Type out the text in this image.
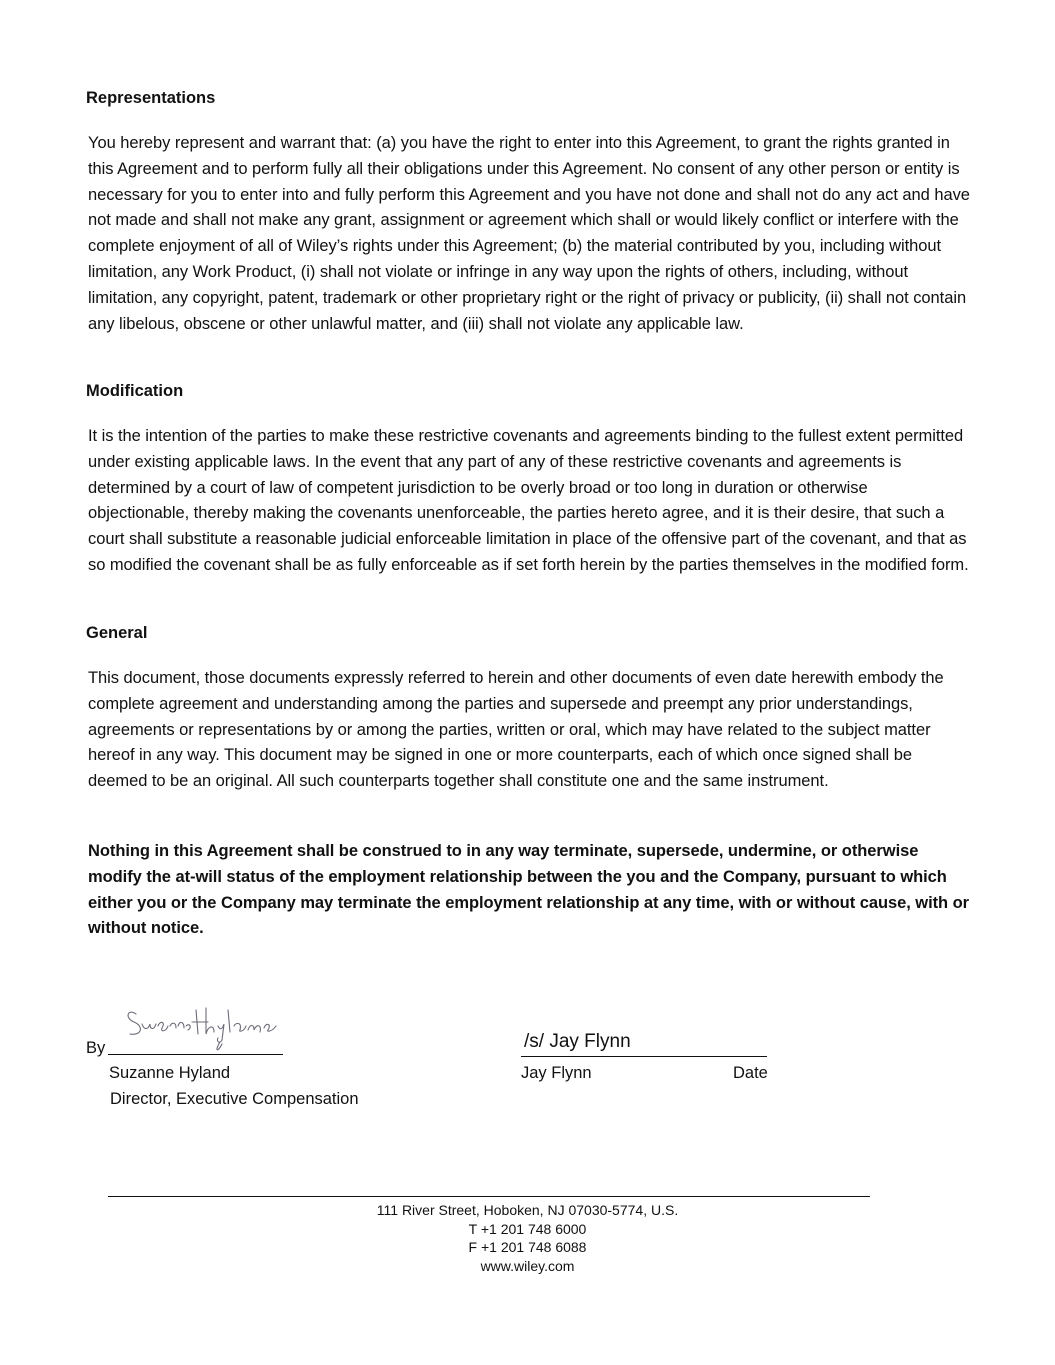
Representations

You hereby represent and warrant that: (a) you have the right to enter into this Agreement, to grant the rights granted in this Agreement and to perform fully all their obligations under this Agreement. No consent of any other person or entity is necessary for you to enter into and fully perform this Agreement and you have not done and shall not do any act and have not made and shall not make any grant, assignment or agreement which shall or would likely conflict or interfere with the complete enjoyment of all of Wiley’s rights under this Agreement; (b) the material contributed by you, including without limitation, any Work Product, (i) shall not violate or infringe in any way upon the rights of others, including, without limitation, any copyright, patent, trademark or other proprietary right or the right of privacy or publicity, (ii) shall not contain any libelous, obscene or other unlawful matter, and (iii) shall not violate any applicable law.

Modification

It is the intention of the parties to make these restrictive covenants and agreements binding to the fullest extent permitted under existing applicable laws. In the event that any part of any of these restrictive covenants and agreements is determined by a court of law of competent jurisdiction to be overly broad or too long in duration or otherwise objectionable, thereby making the covenants unenforceable, the parties hereto agree, and it is their desire, that such a court shall substitute a reasonable judicial enforceable limitation in place of the offensive part of the covenant, and that as so modified the covenant shall be as fully enforceable as if set forth herein by the parties themselves in the modified form.

General

This document, those documents expressly referred to herein and other documents of even date herewith embody the complete agreement and understanding among the parties and supersede and preempt any prior understandings, agreements or representations by or among the parties, written or oral, which may have related to the subject matter hereof in any way. This document may be signed in one or more counterparts, each of which once signed shall be deemed to be an original. All such counterparts together shall constitute one and the same instrument.

Nothing in this Agreement shall be construed to in any way terminate, supersede, undermine, or otherwise modify the at-will status of the employment relationship between the you and the Company, pursuant to which either you or the Company may terminate the employment relationship at any time, with or without cause, with or without notice.

By	/s/ Jay Flynn
Suzanne Hyland
Director, Executive Compensation
Jay Flynn	Date
111 River Street, Hoboken, NJ 07030-5774, U.S.
T +1 201 748 6000
F +1 201 748 6088
www.wiley.com
